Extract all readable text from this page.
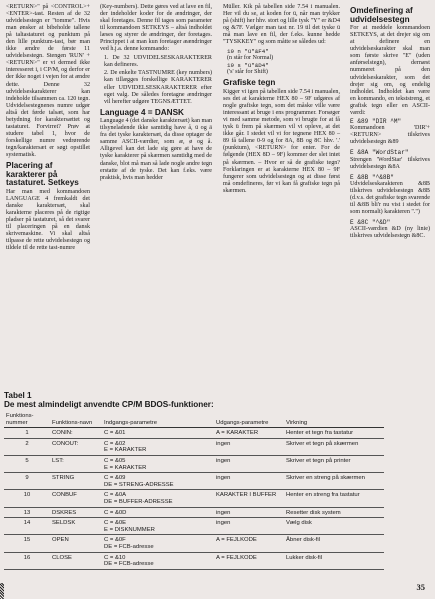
<RETURN>" på <CONTROL>+<ENTER>-tast. Resten af de 32 udvidelsestegn er "tomme". Hvis man ønsker at bibeholde tallene på taltastaturet og punktum på den lille punktum-tast, bør man ikke ændre de første 11 udvidelsestegn. Stengen 'RUN' + <RETURN>" er vi dermed ikke interesseret i, i CP/M, og derfor er der ikke noget i vejen for at ændre dette. Denne 32 udvidelseskarakterer kan indeholde tilsammen ca. 120 tegn. Udvidelsestegnenes numre udgør altså det førde talsæt, som har betydning for karaktersættet og tastaturet. Forvirret? Prøv at studere tabel 1, hvor de forskellige numre vedrørende tegn/karaktersæt er søgt opstillet systematisk.

Placering af karakterer på tastaturet. Setkeys

Har man med kommandoen LANGUAGE 4 fremkaldt det danske karaktersæt, skal karakterne placeres på de rigtige pladser på tastaturet, så det svarer til placeringen på en dansk skrivemaskine. Vi skal altså tilpasse de rette udvidelsestegn og tildele til de rette tast-numre

(Key-numbers). Dette gøres ved at lave en fil, der indeholder koder for de ændringer, der skal foretages. Denne fil tages som parameter til kommandoen SETKEYS – altså indholdet læses og styrer de ændringer, der foretages. Princippet i at man kun foretager æændringer ved h.j.a. denne kommando:

1. De 32 UDVIDELSESKARAKTERER kan defineres.

2. De enkelte TASTNUMRE (key numbers) kan tillægges forskellige KARAKTERER eller UDVIDELSESKARAKTERER efter eget valg. De således foretagne ændringer vil herefter udgøre TEGNSÆTTET.

Language 4 = DANSK

Language 4 (det danske karaktersæt) kan man tilsyneladende ikke samtidig have å, ü og ä fra det tyske karaktersæt, da disse optager de samme ASCII-værdier, som æ, ø og å. Alligevel kan det lade sig gøre at have de tyske karakterer på skærmen samtidig med de danske, blot må man så lade nogle andre tegn erstatte af de tyske. Det kan f.eks. være praktisk, hvis man hedder

Müller. Kik på tabellen side 7.54 i manualen. Her vil du se, at koden for ü, når man trykker på (shift) her hhv. stort og lille tysk "Y" er &D4 og &7F. Vælger man tast nr. 19 til det tyske ü må man lave en fil, der f.eks. kunne hedde "TYSKKEY" og som måtte se således ud:

19 n "ü"&F4"
(n står for Normal)
19 s "ü"&D4"
('s' står for Shift)
Grafiske tegn

Kigger vi igen på tabellen side 7.54 i manualen, ses det at karakterne HEX 80 – 9F udgøres af nogle grafiske tegn, som det måske ville være interessant at bruge i ens programmer. Forsøger vi med samme metode, som vi brugte for at få tysk ü frem på skærmen vil vi opleve, at det ikke går. I stedet vil vi for tegnene HEX 80 – 89 få tallene 0-9 og for 8A, 8B og 8C hhv. '.' (punktum), <RETURN> for enter. For de følgende (HEX 8D – 9F) kommer der slet intet på skærmen. – Hvor er så de grafiske tegn? Forklaringen er at karakterne HEX 80 – 9F fungerer som udvidelsestegn og at disse først må omdefineres, før vi kan få grafiske tegn på skærmen.

Omdefinering af udvidelsestegn

For at meddele kommandoen SETKEYS, at det drejer sig om at definere en udvidelseskarakter skal man som første skrive "E" (uden anførselstegn), dernæst nummeret på den udvidelseskarakter, som det drejer sig om, og endelig indholdet. Indholdet kan være en kommando, en tekststreng, et grafisk tegn eller en ASCII-værdi:

E &89 "DIR ^M"
Kommandoen 'DIR'+<RETURN> tilskrives udvidelsestegn &89
E &8A "WordStar"
Strengen 'WordStar' tilskrives udvidelsestegn &8A
E &8B "^&8B"
Udvidelseskarakteren &8B tilskrives udvidelsestegn &8B (d.v.s. det grafiske tegn svarende til &8B bli'r nu vist i stedet for som normalt) karakteren ".")
E &8C "^&D"
ASCII-værdien &D (ny linie) tilskrives udvidelsestegn &8C.

Tabel 1

De mest almindeligt anvendte CP/M BDOS-funktioner:

Funktions-nummer	Funktions-navn	Indgangs-parametre	Udgangs-parametre	Virkning
1	CONIN:	C = &01	A = KARAKTER	Henter et tegn fra tastatur
2	CONOUT:	C = &02
E = KARAKTER	ingen	Skriver et tegn på skærmen
5	LST:	C = &05
E = KARAKTER	ingen	Skriver et tegn på printer
9	STRING	C = &09
DE = STRENG-ADRESSE	ingen	Skriver en streng på skærmen
10	CONBUF	C = &0A
DE = BUFFER-ADRESSE	KARAKTER I BUFFER	Henter en streng fra tastatur
13	DSKRES	C = &0D	ingen	Resetter disk system
14	SELDSK	C = &0E
E = DISKNUMMER	ingen	Vælg disk
15	OPEN	C = &0F
DE = FCB-adresse	A = FEJLKODE	Åbner disk-fil
16	CLOSE	C = &10
DE = FCB-adresse	A = FEJLKODE	Lukker disk-fil
35
